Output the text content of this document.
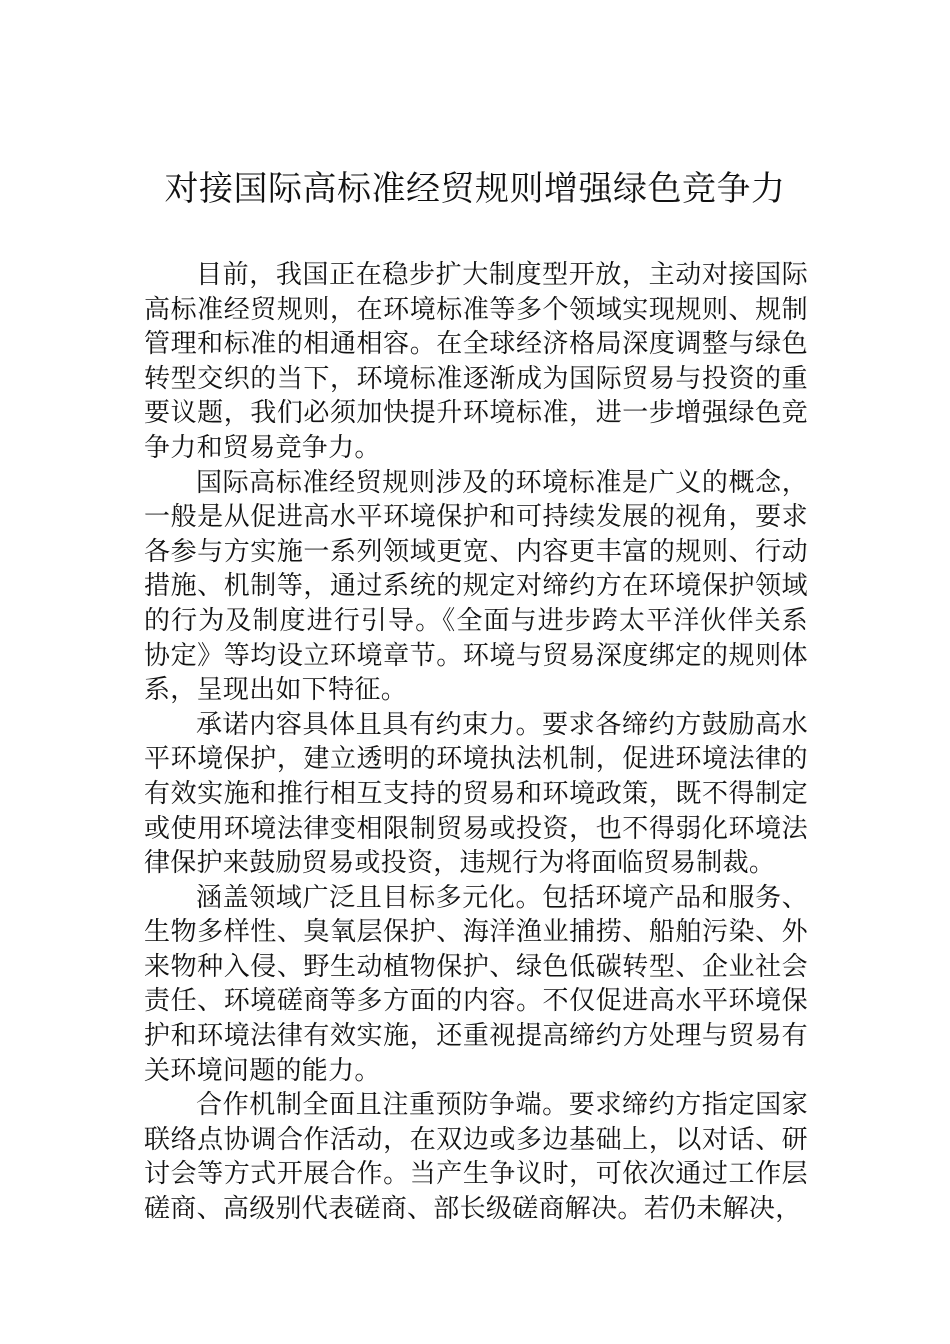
对接国际高标准经贸规则增强绿色竞争力

目前，我国正在稳步扩大制度型开放，主动对接国际高标准经贸规则，在环境标准等多个领域实现规则、规制管理和标准的相通相容。在全球经济格局深度调整与绿色转型交织的当下，环境标准逐渐成为国际贸易与投资的重要议题，我们必须加快提升环境标准，进一步增强绿色竞争力和贸易竞争力。

国际高标准经贸规则涉及的环境标准是广义的概念，一般是从促进高水平环境保护和可持续发展的视角，要求各参与方实施一系列领域更宽、内容更丰富的规则、行动措施、机制等，通过系统的规定对缔约方在环境保护领域的行为及制度进行引导。《全面与进步跨太平洋伙伴关系协定》等均设立环境章节。环境与贸易深度绑定的规则体系，呈现出如下特征。

承诺内容具体且具有约束力。要求各缔约方鼓励高水平环境保护，建立透明的环境执法机制，促进环境法律的有效实施和推行相互支持的贸易和环境政策，既不得制定或使用环境法律变相限制贸易或投资，也不得弱化环境法律保护来鼓励贸易或投资，违规行为将面临贸易制裁。

涵盖领域广泛且目标多元化。包括环境产品和服务、生物多样性、臭氧层保护、海洋渔业捕捞、船舶污染、外来物种入侵、野生动植物保护、绿色低碳转型、企业社会责任、环境磋商等多方面的内容。不仅促进高水平环境保护和环境法律有效实施，还重视提高缔约方处理与贸易有关环境问题的能力。

合作机制全面且注重预防争端。要求缔约方指定国家联络点协调合作活动，在双边或多边基础上，以对话、研讨会等方式开展合作。当产生争议时，可依次通过工作层磋商、高级别代表磋商、部长级磋商解决。若仍未解决，
